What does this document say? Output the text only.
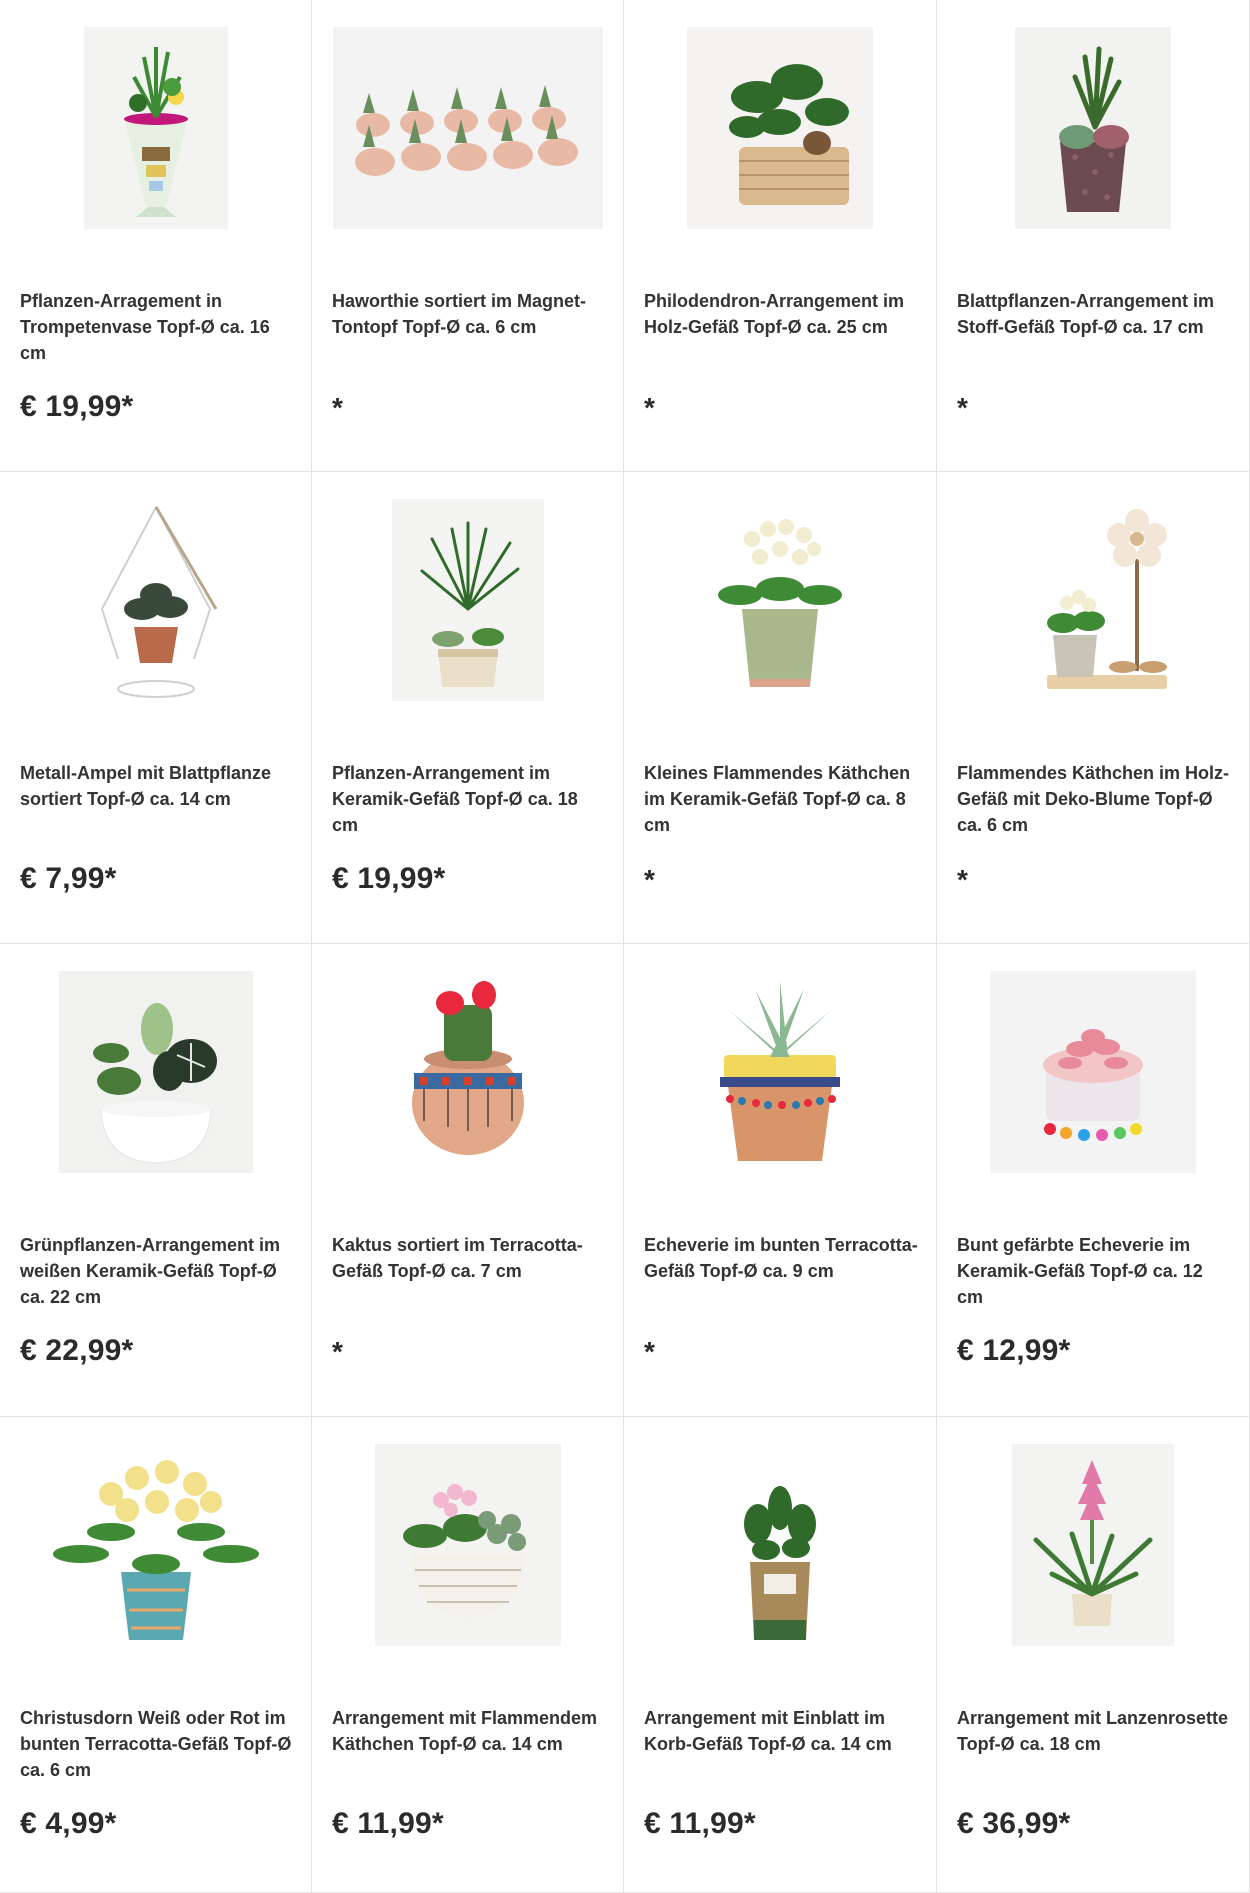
Pflanzen-Arragement in Trompetenvase Topf-Ø ca. 16 cm
€ 19,99*
Haworthie sortiert im Magnet-Tontopf Topf-Ø ca. 6 cm
*
Philodendron-Arrangement im Holz-Gefäß Topf-Ø ca. 25 cm
*
Blattpflanzen-Arrangement im Stoff-Gefäß Topf-Ø ca. 17 cm
*
Metall-Ampel mit Blattpflanze sortiert Topf-Ø ca. 14 cm
€ 7,99*
Pflanzen-Arrangement im Keramik-Gefäß Topf-Ø ca. 18 cm
€ 19,99*
Kleines Flammendes Käthchen im Keramik-Gefäß Topf-Ø ca. 8 cm
*
Flammendes Käthchen im Holz-Gefäß mit Deko-Blume Topf-Ø ca. 6 cm
*
Grünpflanzen-Arrangement im weißen Keramik-Gefäß Topf-Ø ca. 22 cm
€ 22,99*
Kaktus sortiert im Terracotta-Gefäß Topf-Ø ca. 7 cm
*
Echeverie im bunten Terracotta-Gefäß Topf-Ø ca. 9 cm
*
Bunt gefärbte Echeverie im Keramik-Gefäß Topf-Ø ca. 12 cm
€ 12,99*
Christusdorn Weiß oder Rot im bunten Terracotta-Gefäß Topf-Ø ca. 6 cm
€ 4,99*
Arrangement mit Flammendem Käthchen Topf-Ø ca. 14 cm
€ 11,99*
Arrangement mit Einblatt im Korb-Gefäß Topf-Ø ca. 14 cm
€ 11,99*
Arrangement mit Lanzenrosette Topf-Ø ca. 18 cm
€ 36,99*
